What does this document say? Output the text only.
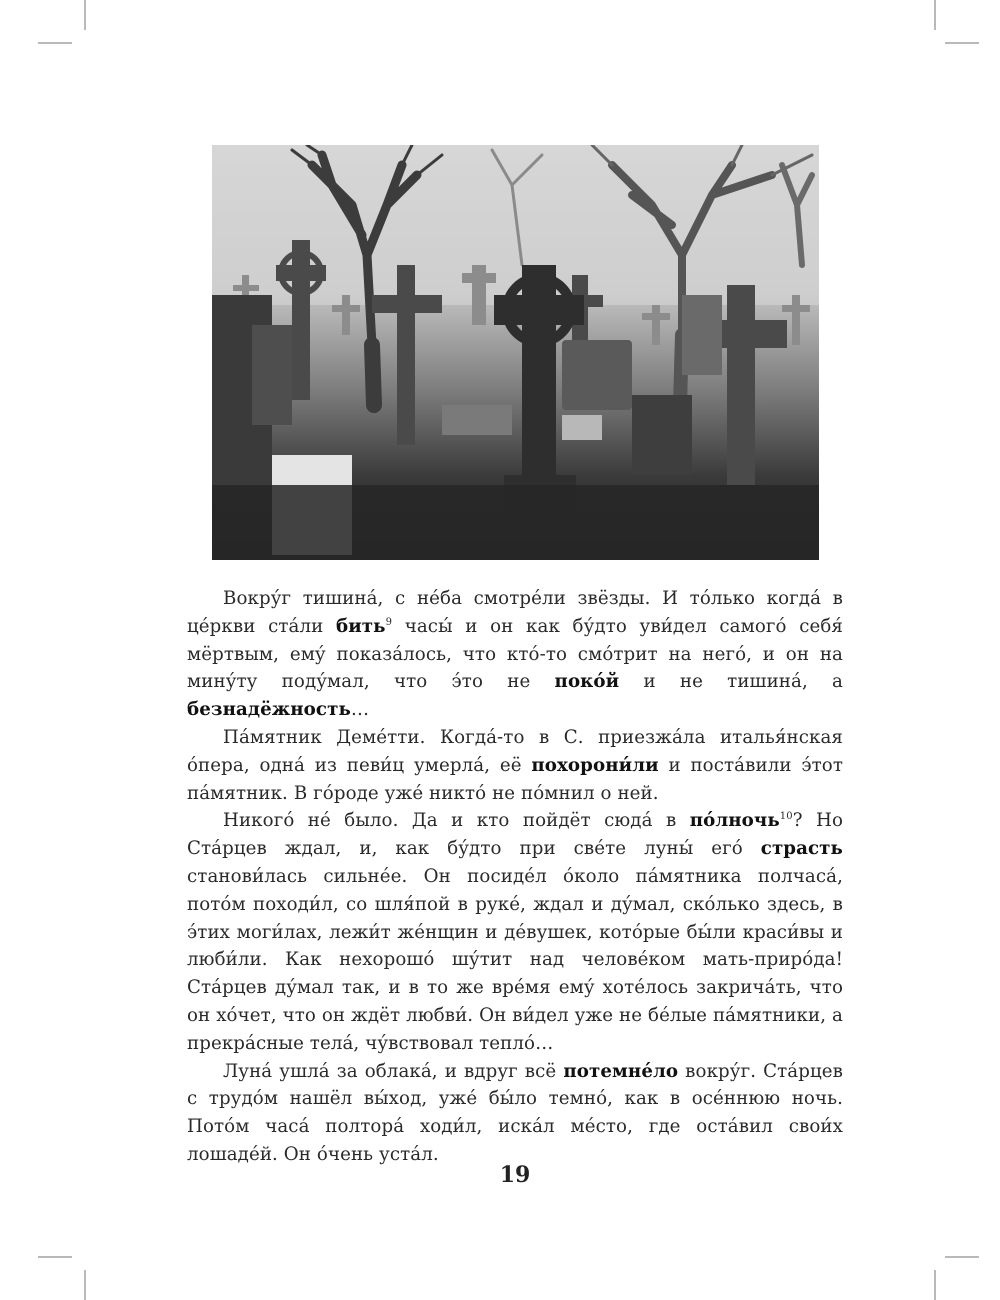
Вокру́г тишина́, с не́ба смотре́ли звёзды. И то́лько когда́ в це́ркви ста́ли бить$^9$ часы́ и он как бу́дто уви́дел самого́ себя́ мёртвым, ему́ показа́лось, что кто́-то смо́трит на него́, и он на мину́ту поду́мал, что э́то не поко́й и не тишина́, а безнадёжность…

Па́мятник Деме́тти. Когда́-то в С. приезжа́ла италья́нская о́пера, одна́ из певи́ц умерла́, её похорони́ли и поста́вили э́тот па́мятник. В го́роде уже́ никто́ не по́мнил о ней.

Никого́ не́ было. Да и кто пойдёт сюда́ в по́лночь$^{10}$? Но Ста́рцев ждал, и, как бу́дто при све́те луны́ его́ страсть станови́лась сильне́е. Он посиде́л о́коло па́мятника полчаса́, пото́м походи́л, со шля́пой в руке́, ждал и ду́мал, ско́лько здесь, в э́тих моги́лах, лежи́т же́нщин и де́вушек, кото́рые бы́ли краси́вы и люби́ли. Как нехорошо́ шу́тит над челове́ком мать-приро́да! Ста́рцев ду́мал так, и в то же вре́мя ему́ хоте́лось закрича́ть, что он хо́чет, что он ждёт любви́. Он ви́дел уже не бе́лые па́мятники, а прекра́сные тела́, чу́вствовал тепло́…

Луна́ ушла́ за облака́, и вдруг всё потемне́ло вокру́г. Ста́рцев с трудо́м нашёл вы́ход, уже́ бы́ло темно́, как в осе́ннюю ночь. Пото́м часа́ полтора́ ходи́л, иска́л ме́сто, где оста́вил свои́х лошаде́й. Он о́чень уста́л.

19
